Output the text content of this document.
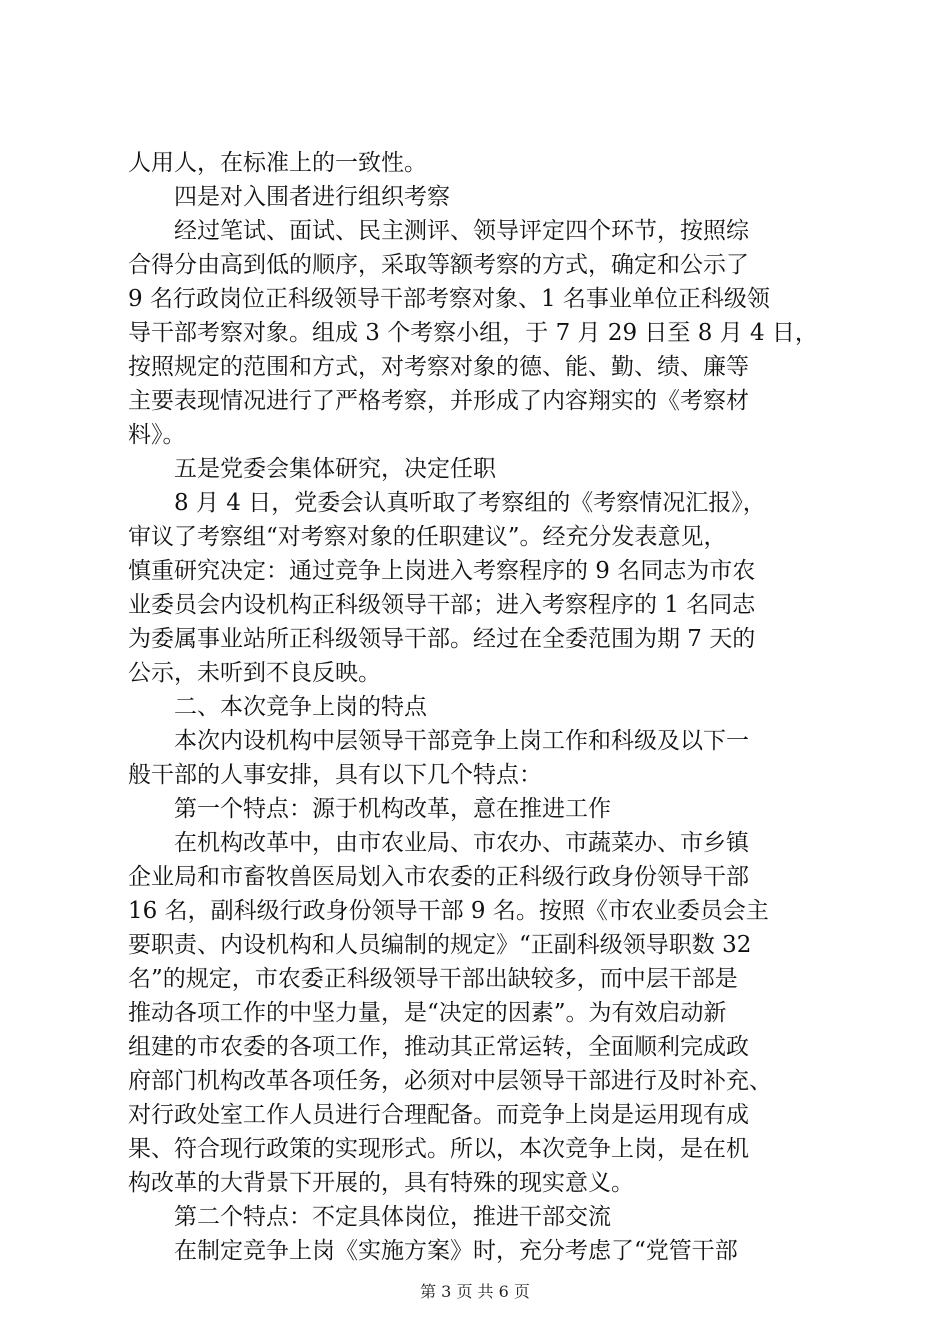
人用人，在标准上的一致性。
四是对入围者进行组织考察
经过笔试、面试、民主测评、领导评定四个环节，按照综
合得分由高到低的顺序，采取等额考察的方式，确定和公示了
9 名行政岗位正科级领导干部考察对象、1 名事业单位正科级领
导干部考察对象。组成 3 个考察小组，于 7 月 29 日至 8 月 4 日，
按照规定的范围和方式，对考察对象的德、能、勤、绩、廉等
主要表现情况进行了严格考察，并形成了内容翔实的《考察材
料》。
五是党委会集体研究，决定任职
8 月 4 日，党委会认真听取了考察组的《考察情况汇报》，
审议了考察组“对考察对象的任职建议”。经充分发表意见，
慎重研究决定：通过竞争上岗进入考察程序的 9 名同志为市农
业委员会内设机构正科级领导干部；进入考察程序的 1 名同志
为委属事业站所正科级领导干部。经过在全委范围为期 7 天的
公示，未听到不良反映。
二、本次竞争上岗的特点
本次内设机构中层领导干部竞争上岗工作和科级及以下一
般干部的人事安排，具有以下几个特点：
第一个特点：源于机构改革，意在推进工作
在机构改革中，由市农业局、市农办、市蔬菜办、市乡镇
企业局和市畜牧兽医局划入市农委的正科级行政身份领导干部
16 名，副科级行政身份领导干部 9 名。按照《市农业委员会主
要职责、内设机构和人员编制的规定》“正副科级领导职数 32
名”的规定，市农委正科级领导干部出缺较多，而中层干部是
推动各项工作的中坚力量，是“决定的因素”。为有效启动新
组建的市农委的各项工作，推动其正常运转，全面顺利完成政
府部门机构改革各项任务，必须对中层领导干部进行及时补充、
对行政处室工作人员进行合理配备。而竞争上岗是运用现有成
果、符合现行政策的实现形式。所以，本次竞争上岗，是在机
构改革的大背景下开展的，具有特殊的现实意义。
第二个特点：不定具体岗位，推进干部交流
在制定竞争上岗《实施方案》时，充分考虑了“党管干部
第 3 页 共 6 页
